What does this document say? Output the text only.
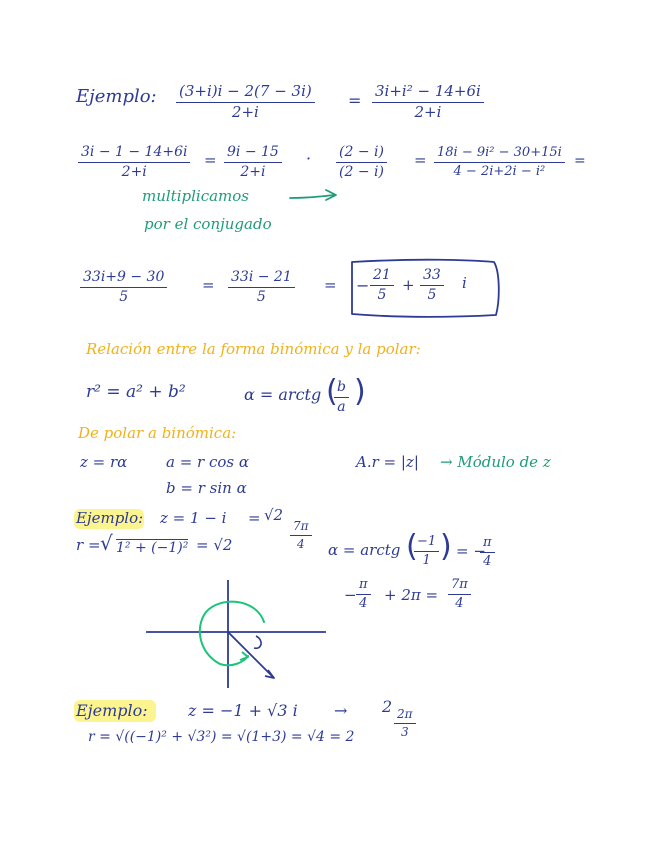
Ejemplo: $\frac{(3+i)i - 2(7 - 3i)}{2+i} = \frac{\text{3i+i² − 14+6i}}{2+i}$
$\frac{3i - 1 - 14+6i}{2+i} = \frac{9i - 15}{2+i} \cdot \frac{(2 - i)}{(2 - i)} = \frac{\text{18i − 9i² − 30+15i}}{\text{4 − 2i+2i − i²}}$ =
multiplicamos
por el conjugado
$\frac{33i+9 - 30}{5} = \frac{33i - 21}{5}$ = − $\frac{21}{5} + \frac{33}{5}$ i
Relación entre la forma binómica y la polar:
r² = a² + b²	α = arctg (
$\frac{b}{a}$ )
De polar a binómica:
z = rα	a = r cos α
b = r sin α
A.r = |z| → Módulo de z
Ejemplo: z = 1 − i = √2
$\frac{7\pi}{4}$
r = √ 1² + (−1)² = √2	α = arctg (
$\frac{-1}{1}$ ) = −
$\frac{\pi}{4}$
− $\frac{\pi}{4} + 2\pi = \frac{7\pi}{4}$
Ejemplo:	z = −1 + √3 i → 2
$\frac{2\pi}{3}$
r = √((−1)² + √3²) = √(1+3) = √4 = 2
